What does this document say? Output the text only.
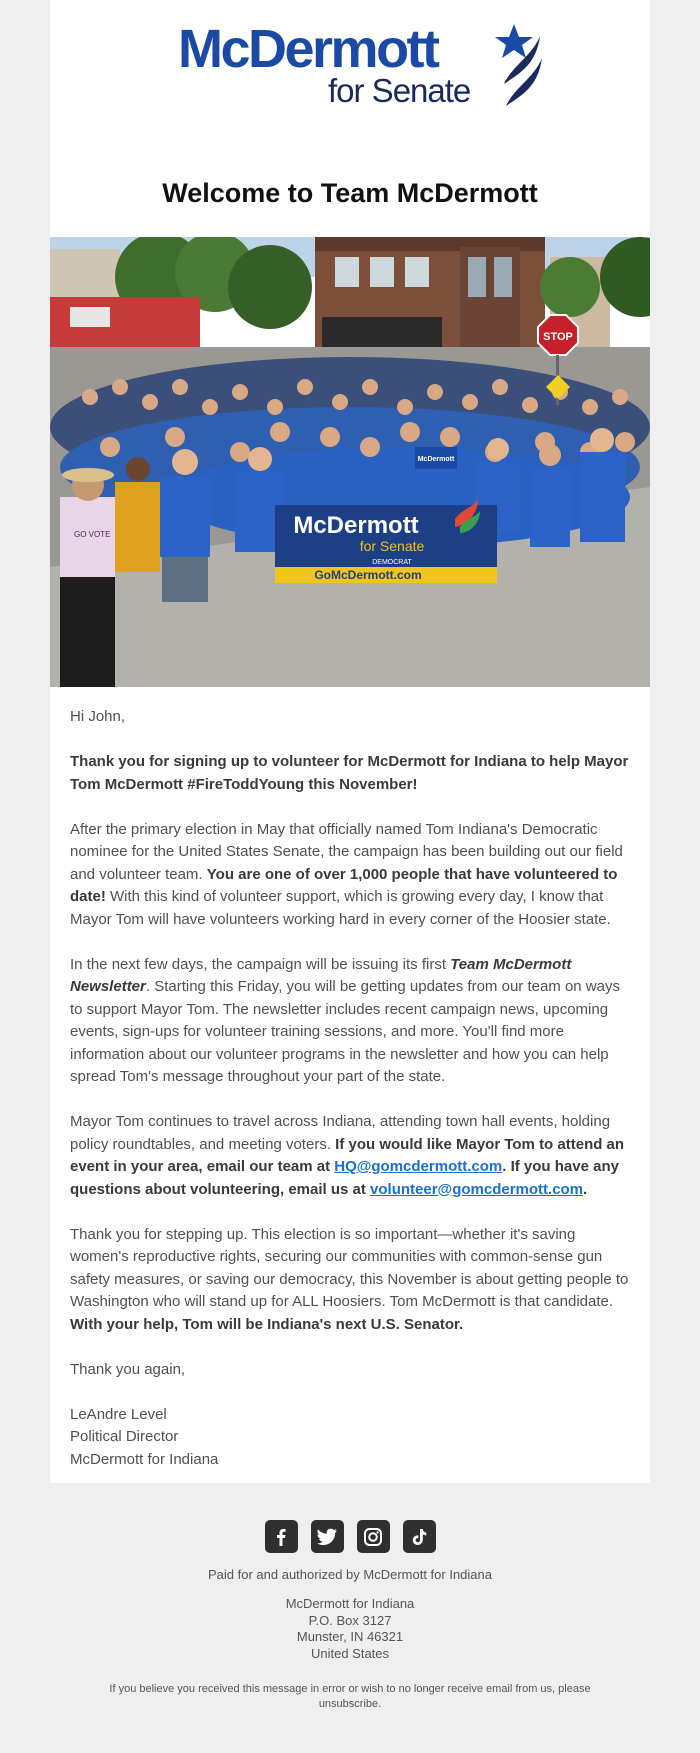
McDermott
for Senate
Welcome to Team McDermott
GO VOTE
STOP
McDermott
McDermott
for Senate
DEMOCRAT
GoMcDermott.com

Hi John,

Thank you for signing up to volunteer for McDermott for Indiana to help Mayor Tom McDermott #FireToddYoung this November!

After the primary election in May that officially named Tom Indiana's Democratic nominee for the United States Senate, the campaign has been building out our field and volunteer team. You are one of over 1,000 people that have volunteered to date! With this kind of volunteer support, which is growing every day, I know that Mayor Tom will have volunteers working hard in every corner of the Hoosier state.

In the next few days, the campaign will be issuing its first Team McDermott Newsletter. Starting this Friday, you will be getting updates from our team on ways to support Mayor Tom. The newsletter includes recent campaign news, upcoming events, sign-ups for volunteer training sessions, and more. You'll find more information about our volunteer programs in the newsletter and how you can help spread Tom's message throughout your part of the state.

Mayor Tom continues to travel across Indiana, attending town hall events, holding policy roundtables, and meeting voters. If you would like Mayor Tom to attend an event in your area, email our team at HQ@gomcdermott.com. If you have any questions about volunteering, email us at volunteer@gomcdermott.com.

Thank you for stepping up. This election is so important—whether it's saving women's reproductive rights, securing our communities with common-sense gun safety measures, or saving our democracy, this November is about getting people to Washington who will stand up for ALL Hoosiers. Tom McDermott is that candidate. With your help, Tom will be Indiana's next U.S. Senator.

Thank you again,

LeAndre Level
Political Director
McDermott for Indiana
Paid for and authorized by McDermott for Indiana
McDermott for Indiana
P.O. Box 3127
Munster, IN 46321
United States
If you believe you received this message in error or wish to no longer receive email from us, please unsubscribe.
